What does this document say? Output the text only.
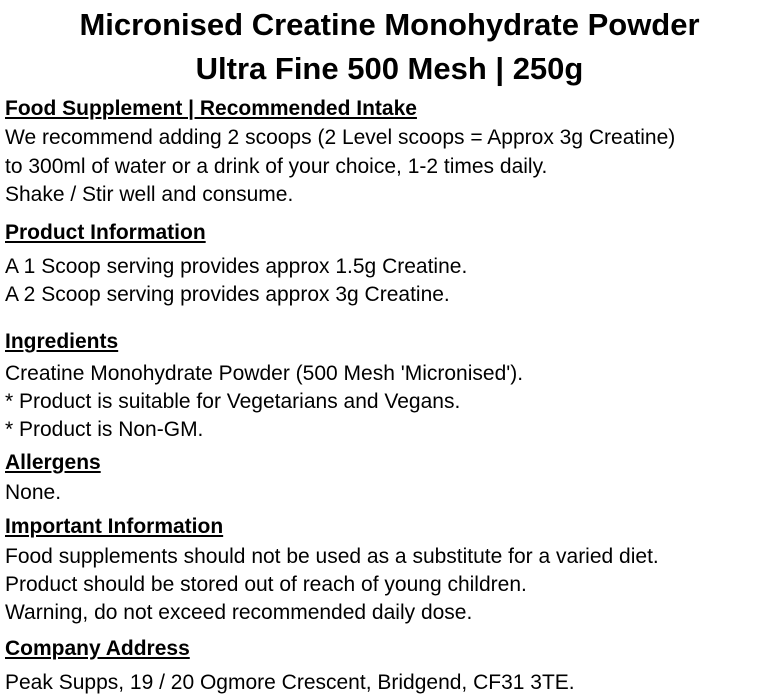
Micronised Creatine Monohydrate Powder
Ultra Fine 500 Mesh | 250g
Food Supplement | Recommended Intake
We recommend adding 2 scoops (2 Level scoops = Approx 3g Creatine)
to 300ml of water or a drink of your choice, 1-2 times daily.
Shake / Stir well and consume.
Product Information
A 1 Scoop serving provides approx 1.5g Creatine.
A 2 Scoop serving provides approx 3g Creatine.
Ingredients
Creatine Monohydrate Powder (500 Mesh 'Micronised').
* Product is suitable for Vegetarians and Vegans.
* Product is Non-GM.
Allergens
None.
Important Information
Food supplements should not be used as a substitute for a varied diet.
Product should be stored out of reach of young children.
Warning, do not exceed recommended daily dose.
Company Address
Peak Supps, 19 / 20 Ogmore Crescent, Bridgend, CF31 3TE.
